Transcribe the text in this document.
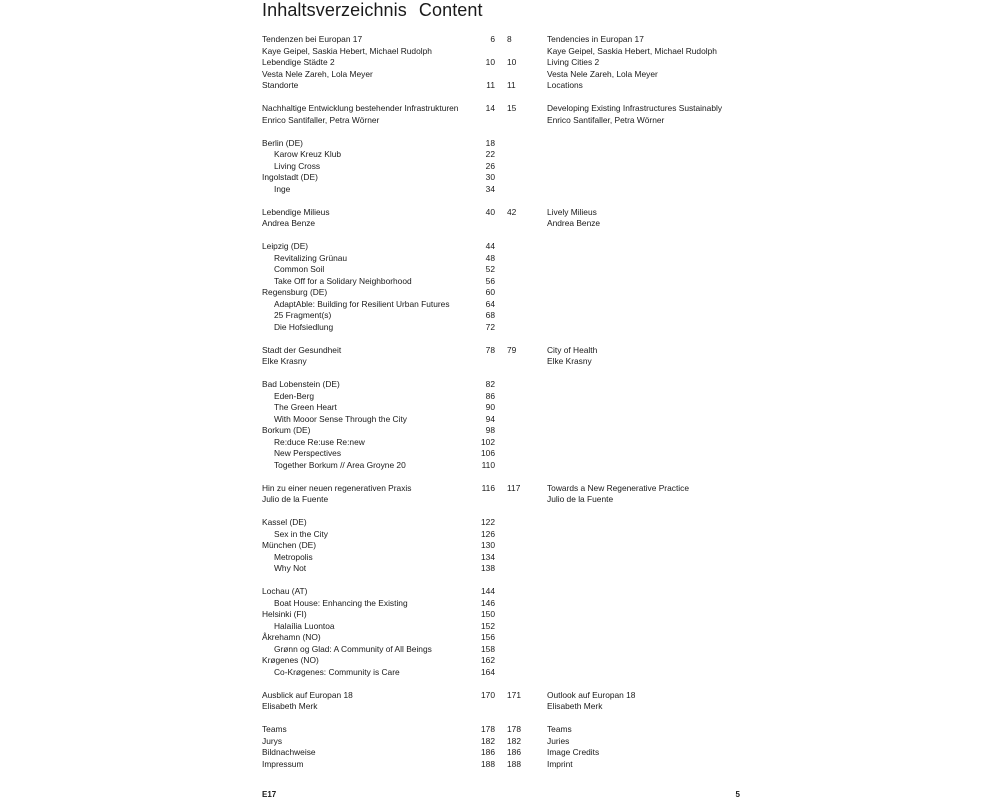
Inhaltsverzeichnis Content
Tendenzen bei Europan 17	6 8	Tendencies in Europan 17
Kaye Geipel, Saskia Hebert, Michael Rudolph	Kaye Geipel, Saskia Hebert, Michael Rudolph
Lebendige Städte 2	10 10	Living Cities 2
Vesta Nele Zareh, Lola Meyer	Vesta Nele Zareh, Lola Meyer
Standorte	11 11	Locations
Nachhaltige Entwicklung bestehender Infrastrukturen	14 15	Developing Existing Infrastructures Sustainably
Enrico Santifaller, Petra Wörner	Enrico Santifaller, Petra Wörner
Berlin (DE)	18
Karow Kreuz Klub	22
Living Cross	26
Ingolstadt (DE)	30
Inge	34
Lebendige Milieus	40 42	Lively Milieus
Andrea Benze	Andrea Benze
Leipzig (DE)	44
Revitalizing Grünau	48
Common Soil	52
Take Off for a Solidary Neighborhood	56
Regensburg (DE)	60
AdaptAble: Building for Resilient Urban Futures	64
25 Fragment(s)	68
Die Hofsiedlung	72
Stadt der Gesundheit	78 79	City of Health
Elke Krasny	Elke Krasny
Bad Lobenstein (DE)	82
Eden-Berg	86
The Green Heart	90
With Mooor Sense Through the City	94
Borkum (DE)	98
Re:duce Re:use Re:new	102
New Perspectives	106
Together Borkum // Area Groyne 20	110
Hin zu einer neuen regenerativen Praxis	116 117	Towards a New Regenerative Practice
Julio de la Fuente	Julio de la Fuente
Kassel (DE)	122
Sex in the City	126
München (DE)	130
Metropolis	134
Why Not	138
Lochau (AT)	144
Boat House: Enhancing the Existing	146
Helsinki (FI)	150
Halaília Luontoa	152
Åkrehamn (NO)	156
Grønn og Glad: A Community of All Beings	158
Krøgenes (NO)	162
Co-Krøgenes: Community is Care	164
Ausblick auf Europan 18	170 171	Outlook auf Europan 18
Elisabeth Merk	Elisabeth Merk
Teams	178 178	Teams
Jurys	182 182	Juries
Bildnachweise	186 186	Image Credits
Impressum	188 188	Imprint
E17	5
